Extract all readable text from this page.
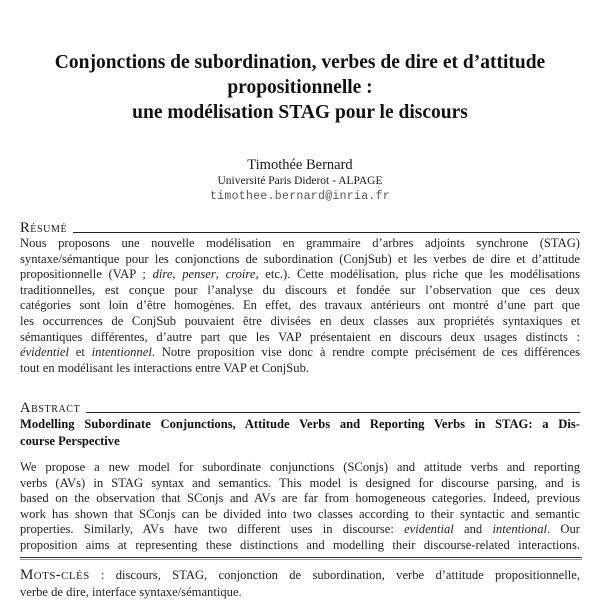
Conjonctions de subordination, verbes de dire et d’attitude
propositionnelle :
une modélisation STAG pour le discours
Timothée Bernard
Université Paris Diderot - ALPAGE
timothee.bernard@inria.fr
Résumé
Nous proposons une nouvelle modélisation en grammaire d’arbres adjoints synchrone (STAG)
syntaxe/sémantique pour les conjonctions de subordination (ConjSub) et les verbes de dire et d’attitude
propositionnelle (VAP ; dire, penser, croire, etc.). Cette modélisation, plus riche que les modélisations
traditionnelles, est conçue pour l’analyse du discours et fondée sur l’observation que ces deux
catégories sont loin d’être homogènes. En effet, des travaux antérieurs ont montré d’une part que
les occurrences de ConjSub pouvaient être divisées en deux classes aux propriétés syntaxiques et
sémantiques différentes, d’autre part que les VAP présentaient en discours deux usages distincts :
évidentiel et intentionnel. Notre proposition vise donc à rendre compte précisément de ces différences
tout en modélisant les interactions entre VAP et ConjSub.
Abstract
Modelling Subordinate Conjunctions, Attitude Verbs and Reporting Verbs in STAG: a Dis-
course Perspective
We propose a new model for subordinate conjunctions (SConjs) and attitude verbs and reporting
verbs (AVs) in STAG syntax and semantics. This model is designed for discourse parsing, and is
based on the observation that SConjs and AVs are far from homogeneous categories. Indeed, previous
work has shown that SConjs can be divided into two classes according to their syntactic and semantic
properties. Similarly, AVs have two different uses in discourse: evidential and intentional. Our
proposition aims at representing these distinctions and modelling their discourse-related interactions.
Mots-clés : discours, STAG, conjonction de subordination, verbe d’attitude propositionnelle,
verbe de dire, interface syntaxe/sémantique.
